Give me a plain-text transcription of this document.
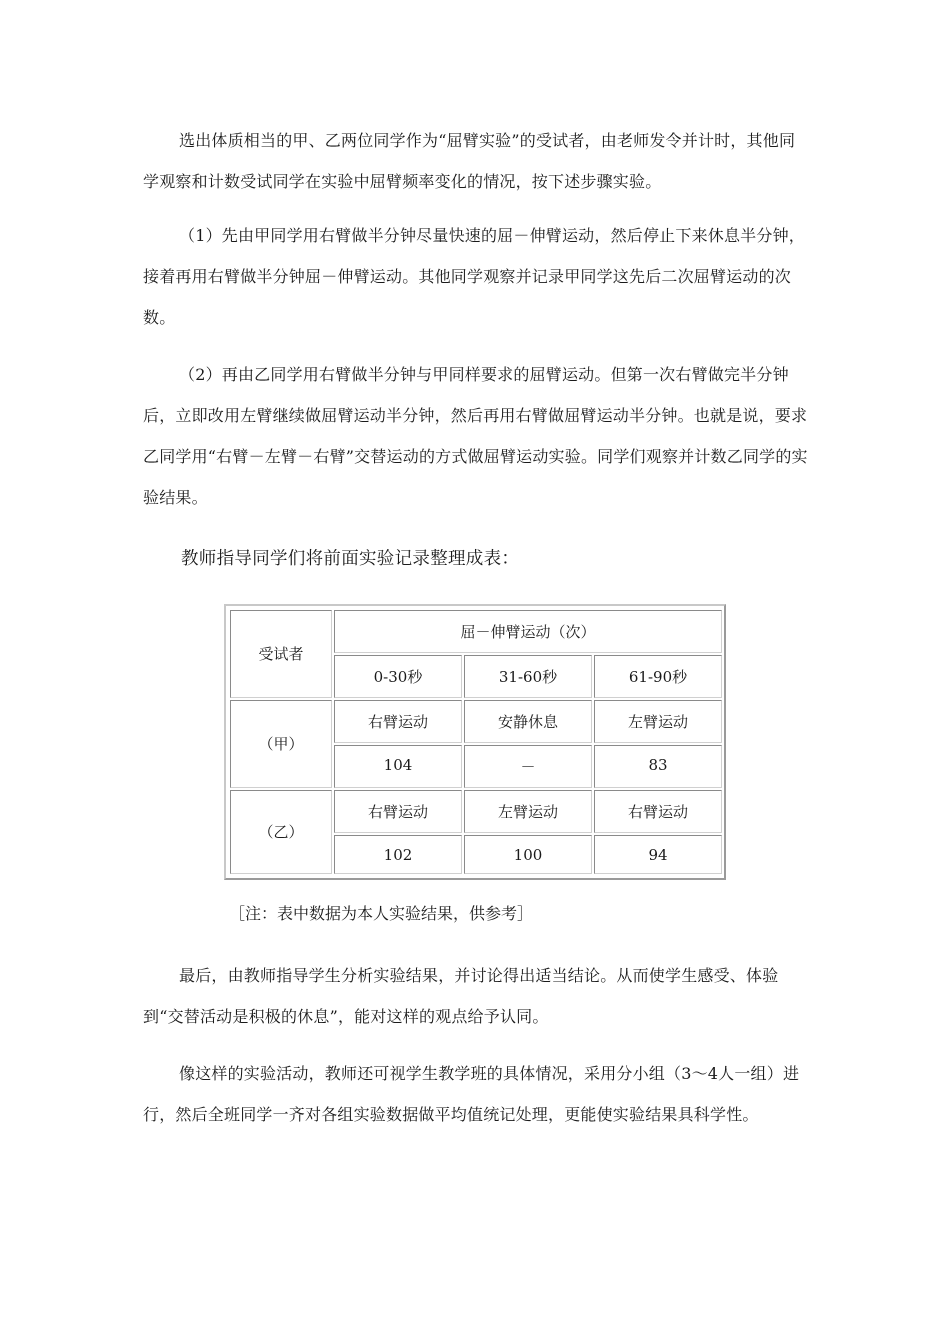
选出体质相当的甲、乙两位同学作为“屈臂实验”的受试者，由老师发令并计时，其他同学观察和计数受试同学在实验中屈臂频率变化的情况，按下述步骤实验。

（1）先由甲同学用右臂做半分钟尽量快速的屈－伸臂运动，然后停止下来休息半分钟，接着再用右臂做半分钟屈－伸臂运动。其他同学观察并记录甲同学这先后二次屈臂运动的次数。

（2）再由乙同学用右臂做半分钟与甲同样要求的屈臂运动。但第一次右臂做完半分钟后，立即改用左臂继续做屈臂运动半分钟，然后再用右臂做屈臂运动半分钟。也就是说，要求乙同学用“右臂－左臂－右臂”交替运动的方式做屈臂运动实验。同学们观察并计数乙同学的实验结果。

教师指导同学们将前面实验记录整理成表：

受试者	屈－伸臂运动（次）		
	0-30秒	31-60秒	61-90秒
（甲）	右臂运动	安静休息	左臂运动
	104	－	83
（乙）	右臂运动	左臂运动	右臂运动
	102	100	94

［注：表中数据为本人实验结果，供参考］

最后，由教师指导学生分析实验结果，并讨论得出适当结论。从而使学生感受、体验到“交替活动是积极的休息”，能对这样的观点给予认同。

像这样的实验活动，教师还可视学生教学班的具体情况，采用分小组（3～4人一组）进行，然后全班同学一齐对各组实验数据做平均值统记处理，更能使实验结果具科学性。
